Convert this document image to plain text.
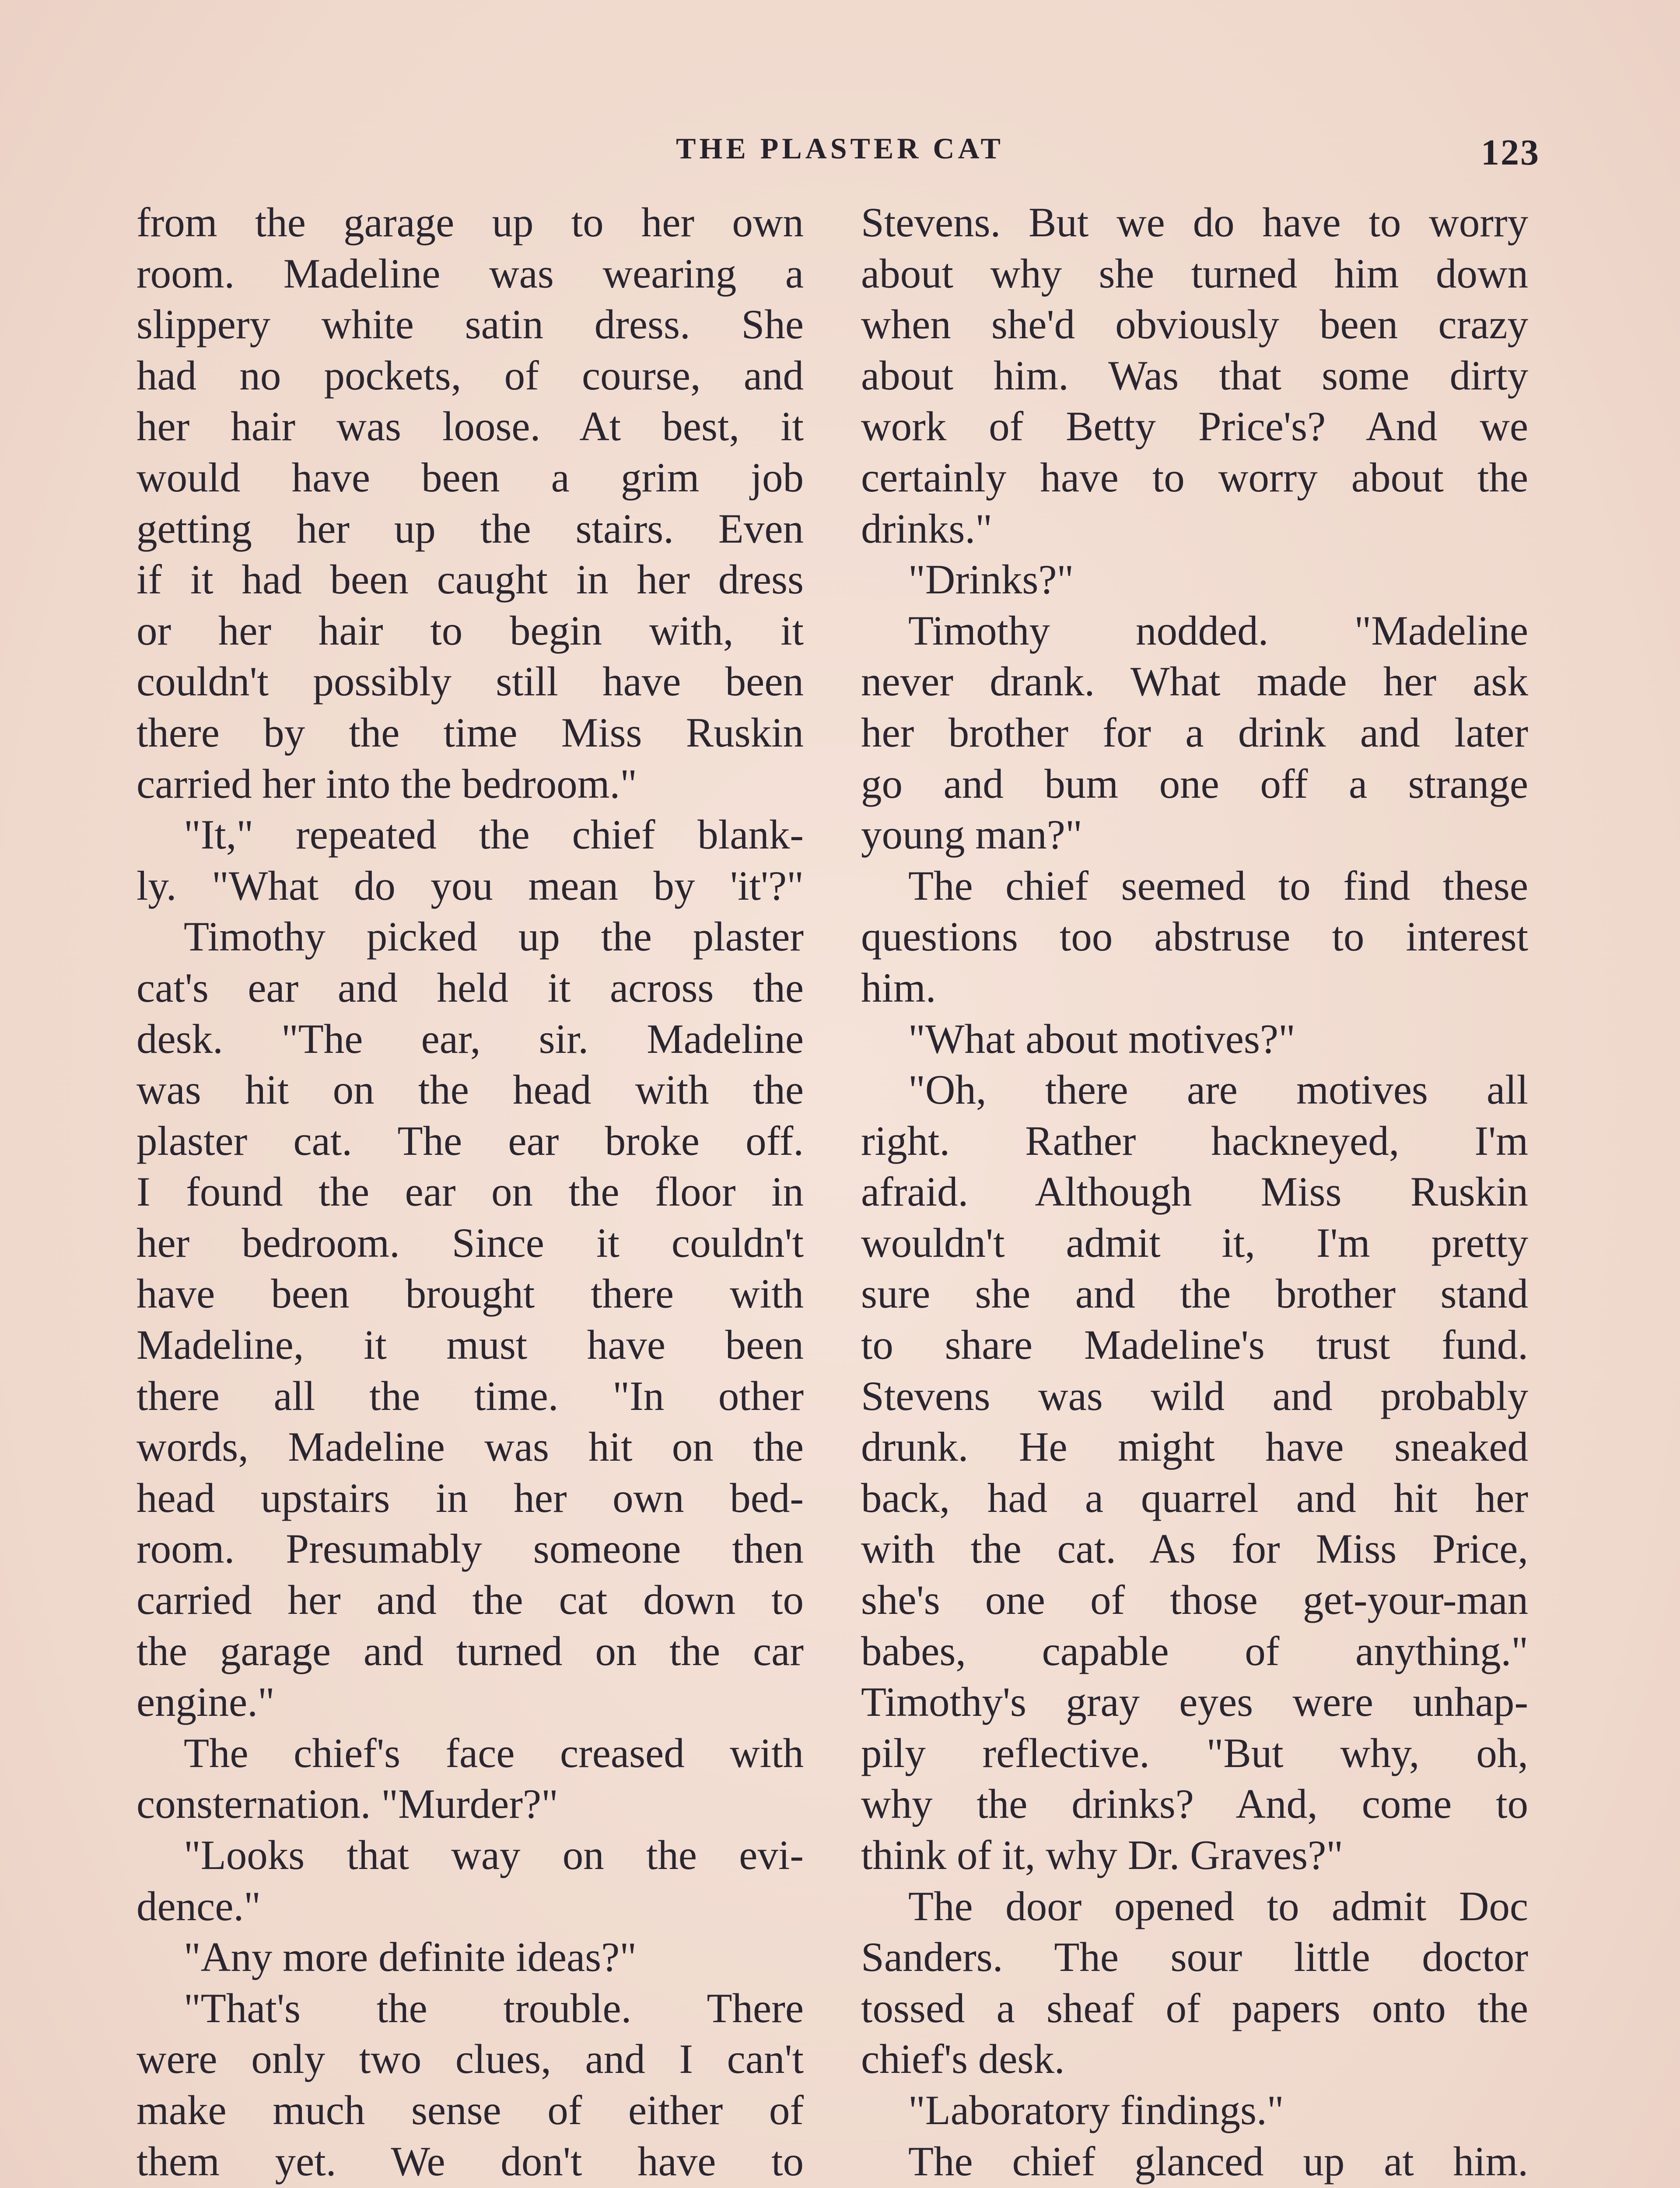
THE PLASTER CAT	123
from the garage up to her own
room. Madeline was wearing a
slippery white satin dress. She
had no pockets, of course, and
her hair was loose. At best, it
would have been a grim job
getting her up the stairs. Even
if it had been caught in her dress
or her hair to begin with, it
couldn't possibly still have been
there by the time Miss Ruskin
carried her into the bedroom."
"It," repeated the chief blank-
ly. "What do you mean by 'it'?"
Timothy picked up the plaster
cat's ear and held it across the
desk. "The ear, sir. Madeline
was hit on the head with the
plaster cat. The ear broke off.
I found the ear on the floor in
her bedroom. Since it couldn't
have been brought there with
Madeline, it must have been
there all the time. "In other
words, Madeline was hit on the
head upstairs in her own bed-
room. Presumably someone then
carried her and the cat down to
the garage and turned on the car
engine."
The chief's face creased with
consternation. "Murder?"
"Looks that way on the evi-
dence."
"Any more definite ideas?"
"That's the trouble. There
were only two clues, and I can't
make much sense of either of
them yet. We don't have to
Stevens. But we do have to worry
about why she turned him down
when she'd obviously been crazy
about him. Was that some dirty
work of Betty Price's? And we
certainly have to worry about the
drinks."
"Drinks?"
Timothy nodded. "Madeline
never drank. What made her ask
her brother for a drink and later
go and bum one off a strange
young man?"
The chief seemed to find these
questions too abstruse to interest
him.
"What about motives?"
"Oh, there are motives all
right. Rather hackneyed, I'm
afraid. Although Miss Ruskin
wouldn't admit it, I'm pretty
sure she and the brother stand
to share Madeline's trust fund.
Stevens was wild and probably
drunk. He might have sneaked
back, had a quarrel and hit her
with the cat. As for Miss Price,
she's one of those get-your-man
babes, capable of anything."
Timothy's gray eyes were unhap-
pily reflective. "But why, oh,
why the drinks? And, come to
think of it, why Dr. Graves?"
The door opened to admit Doc
Sanders. The sour little doctor
tossed a sheaf of papers onto the
chief's desk.
"Laboratory findings."
The chief glanced up at him.
